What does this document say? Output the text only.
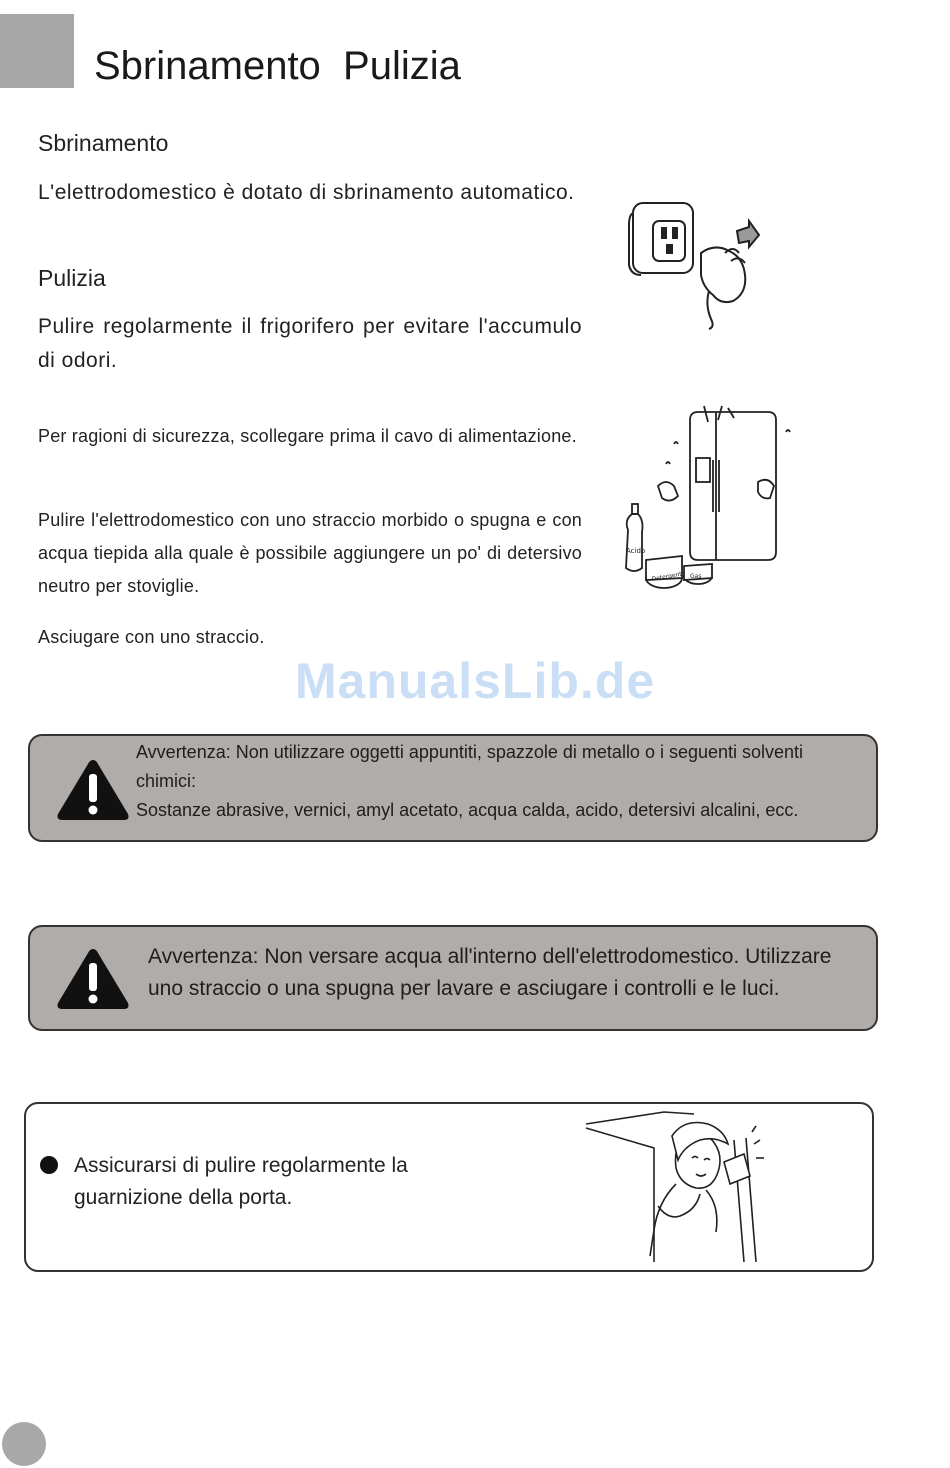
Sbrinamento  Pulizia
Sbrinamento

L'elettrodomestico è dotato di sbrinamento automatico.

Pulizia

Pulire regolarmente il frigorifero per evitare l'accumulo di odori.

Per ragioni di sicurezza, scollegare prima il cavo di alimentazione.

Pulire l'elettrodomestico con uno straccio morbido o spugna e con acqua tiepida alla quale è possibile aggiungere un po' di detersivo neutro per stoviglie.

Asciugare con uno straccio.

Acido
Detergent Gas
ManualsLib.de

Avvertenza: Non utilizzare oggetti appuntiti, spazzole di metallo o i seguenti solventi chimici:
Sostanze abrasive, vernici, amyl acetato, acqua calda, acido, detersivi alcalini, ecc.

Avvertenza: Non versare acqua all'interno dell'elettrodomestico. Utilizzare uno straccio o una spugna per lavare e asciugare i controlli e le luci.

Assicurarsi di pulire regolarmente la guarnizione della porta.
